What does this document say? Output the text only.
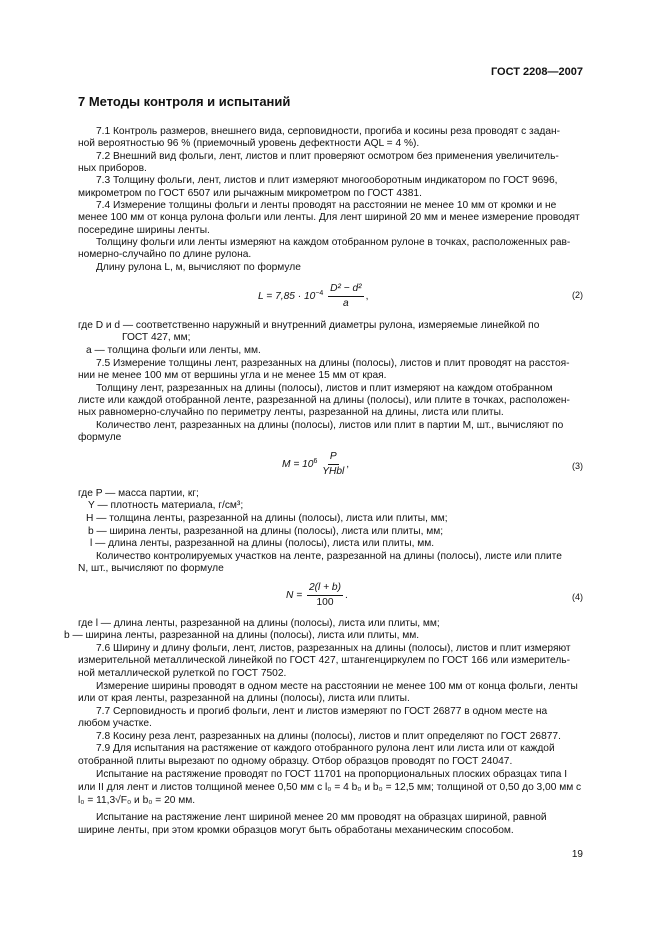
ГОСТ 2208—2007
7 Методы контроля и испытаний
7.1 Контроль размеров, внешнего вида, серповидности, прогиба и косины реза проводят с задан-
ной вероятностью 96 % (приемочный уровень дефектности AQL = 4 %).
7.2 Внешний вид фольги, лент, листов и плит проверяют осмотром без применения увеличитель-
ных приборов.
7.3 Толщину фольги, лент, листов и плит измеряют многооборотным индикатором по ГОСТ 9696,
микрометром по ГОСТ 6507 или рычажным микрометром по ГОСТ 4381.
7.4 Измерение толщины фольги и ленты проводят на расстоянии не менее 10 мм от кромки и не
менее 100 мм от конца рулона фольги или ленты. Для лент шириной 20 мм и менее измерение проводят
посередине ширины ленты.
Толщину фольги или ленты измеряют на каждом отобранном рулоне в точках, расположенных рав-
номерно-случайно по длине рулона.
Длину рулона L, м, вычисляют по формуле
$L = 7,85 \cdot 10^{-4} \frac{\text{D² − d²}}{a}$ ,	(2)
где D и d — соответственно наружный и внутренний диаметры рулона, измеряемые линейкой по
ГОСТ 427, мм;
a — толщина фольги или ленты, мм.
7.5 Измерение толщины лент, разрезанных на длины (полосы), листов и плит проводят на расстоя-
нии не менее 100 мм от вершины угла и не менее 15 мм от края.
Толщину лент, разрезанных на длины (полосы), листов и плит измеряют на каждом отобранном
листе или каждой отобранной ленте, разрезанной на длины (полосы), или плите в точках, расположен-
ных равномерно-случайно по периметру ленты, разрезанной на длины, листа или плиты.
Количество лент, разрезанных на длины (полосы), листов или плит в партии M, шт., вычисляют по
формуле
$M = 10^6 \frac{P}{\text{YHbl}}$ ,	(3)
где P — масса партии, кг;
Y — плотность материала, г/см³;
H — толщина ленты, разрезанной на длины (полосы), листа или плиты, мм;
b — ширина ленты, разрезанной на длины (полосы), листа или плиты, мм;
l — длина ленты, разрезанной на длины (полосы), листа или плиты, мм.
Количество контролируемых участков на ленте, разрезанной на длины (полосы), листе или плите
N, шт., вычисляют по формуле
$N = \frac{2(l + b)}{100}$ .	(4)
где l — длина ленты, разрезанной на длины (полосы), листа или плиты, мм;
b — ширина ленты, разрезанной на длины (полосы), листа или плиты, мм.
7.6 Ширину и длину фольги, лент, листов, разрезанных на длины (полосы), листов и плит измеряют
измерительной металлической линейкой по ГОСТ 427, штангенциркулем по ГОСТ 166 или измеритель-
ной металлической рулеткой по ГОСТ 7502.
Измерение ширины проводят в одном месте на расстоянии не менее 100 мм от конца фольги, ленты
или от края ленты, разрезанной на длины (полосы), листа или плиты.
7.7 Серповидность и прогиб фольги, лент и листов измеряют по ГОСТ 26877 в одном месте на
любом участке.
7.8 Косину реза лент, разрезанных на длины (полосы), листов и плит определяют по ГОСТ 26877.
7.9 Для испытания на растяжение от каждого отобранного рулона лент или листа или от каждой
отобранной плиты вырезают по одному образцу. Отбор образцов проводят по ГОСТ 24047.
Испытание на растяжение проводят по ГОСТ 11701 на пропорциональных плоских образцах типа I
или II для лент и листов толщиной менее 0,50 мм с l₀ = 4 b₀ и b₀ = 12,5 мм; толщиной от 0,50 до 3,00 мм с
l₀ = 11,3√F₀ и b₀ = 20 мм.
Испытание на растяжение лент шириной менее 20 мм проводят на образцах шириной, равной
ширине ленты, при этом кромки образцов могут быть обработаны механическим способом.
19
